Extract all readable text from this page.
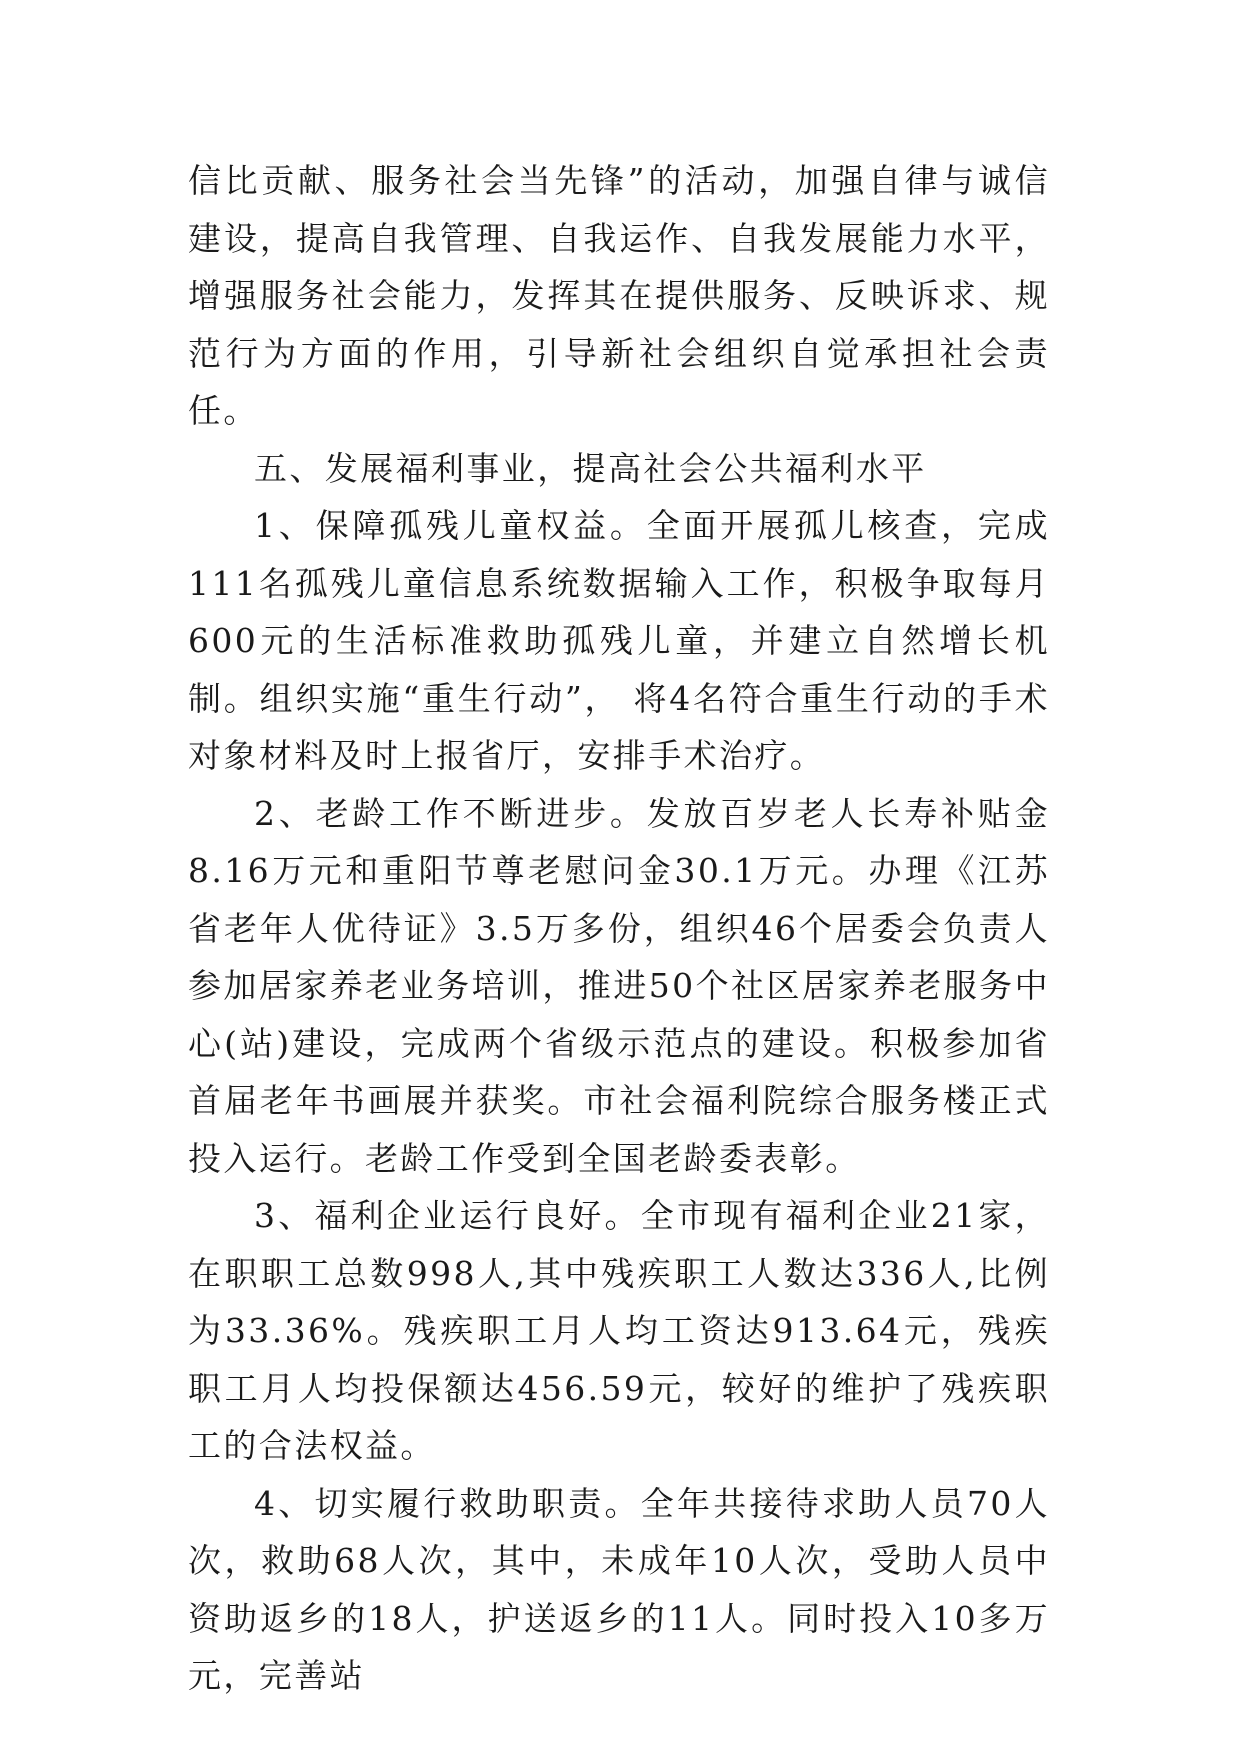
信比贡献、服务社会当先锋”的活动，加强自律与诚信建设，提高自我管理、自我运作、自我发展能力水平，增强服务社会能力，发挥其在提供服务、反映诉求、规范行为方面的作用，引导新社会组织自觉承担社会责任。

五、发展福利事业，提高社会公共福利水平

1、保障孤残儿童权益。全面开展孤儿核查，完成111名孤残儿童信息系统数据输入工作，积极争取每月600元的生活标准救助孤残儿童，并建立自然增长机制。组织实施“重生行动”， 将4名符合重生行动的手术对象材料及时上报省厅，安排手术治疗。

2、老龄工作不断进步。发放百岁老人长寿补贴金8.16万元和重阳节尊老慰问金30.1万元。办理《江苏省老年人优待证》3.5万多份，组织46个居委会负责人参加居家养老业务培训，推进50个社区居家养老服务中心(站)建设，完成两个省级示范点的建设。积极参加省首届老年书画展并获奖。市社会福利院综合服务楼正式投入运行。老龄工作受到全国老龄委表彰。

3、福利企业运行良好。全市现有福利企业21家，在职职工总数998人,其中残疾职工人数达336人,比例为33.36%。残疾职工月人均工资达913.64元，残疾职工月人均投保额达456.59元，较好的维护了残疾职工的合法权益。

4、切实履行救助职责。全年共接待求助人员70人次，救助68人次，其中，未成年10人次，受助人员中资助返乡的18人，护送返乡的11人。同时投入10多万元，完善站
